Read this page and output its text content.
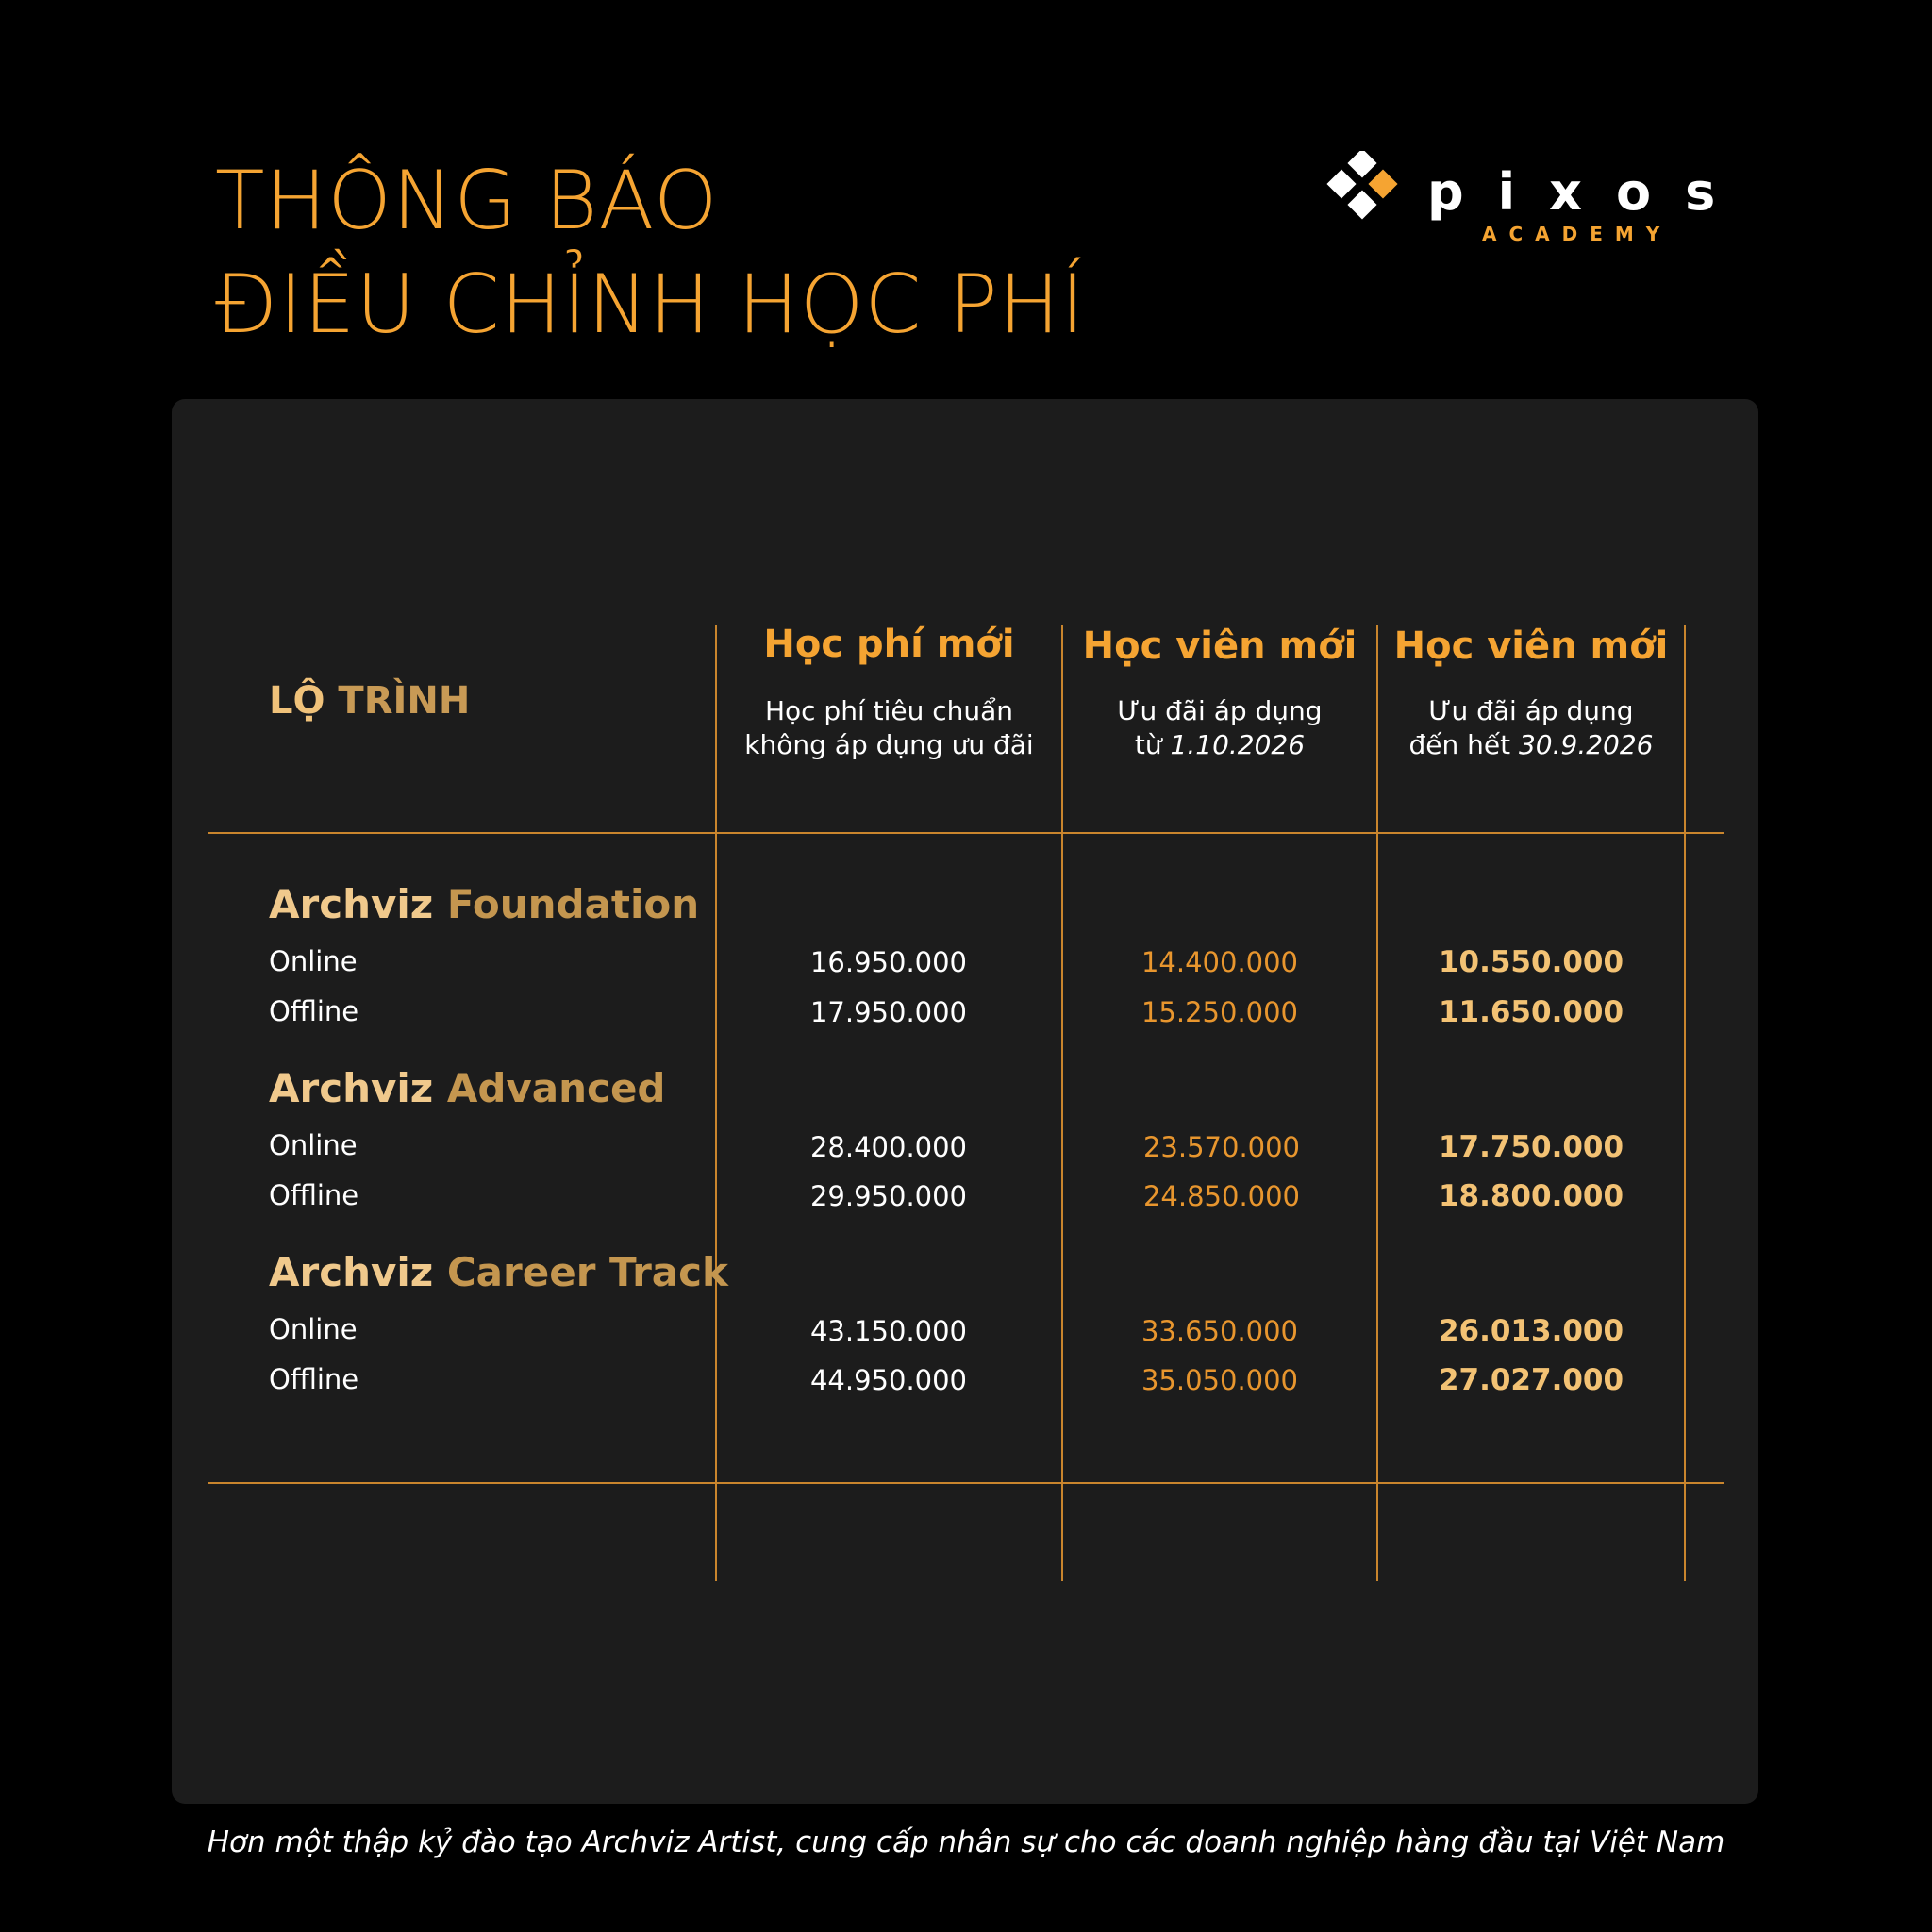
THÔNG BÁO
ĐIỀU CHỈNH HỌC PHÍ
pixos
ACADEMY
LỘ TRÌNH
Học phí mới
Học phí tiêu chuẩn
không áp dụng ưu đãi
Học viên mới
Ưu đãi áp dụng
từ 1.10.2026
Học viên mới
Ưu đãi áp dụng
đến hết 30.9.2026
Archviz Foundation
Online
Offline
16.950.000
17.950.000
14.400.000
15.250.000
10.550.000
11.650.000
Archviz Advanced
Online
Offline
28.400.000
29.950.000
23.570.000
24.850.000
17.750.000
18.800.000
Archviz Career Track
Online
Offline
43.150.000
44.950.000
33.650.000
35.050.000
26.013.000
27.027.000
Hơn một thập kỷ đào tạo Archviz Artist, cung cấp nhân sự cho các doanh nghiệp hàng đầu tại Việt Nam
